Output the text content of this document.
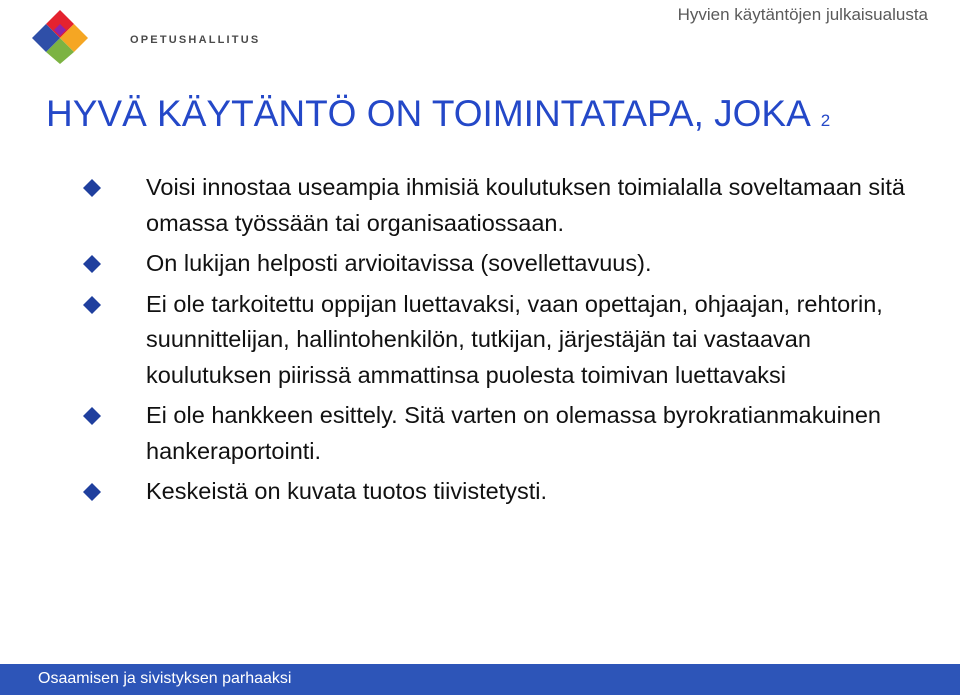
OPETUSHALLITUS
Hyvien käytäntöjen julkaisualusta
HYVÄ KÄYTÄNTÖ ON TOIMINTATAPA, JOKA 2
Voisi innostaa useampia ihmisiä koulutuksen toimialalla soveltamaan sitä omassa työssään tai organisaatiossaan.
On lukijan helposti arvioitavissa (sovellettavuus).
Ei ole tarkoitettu oppijan luettavaksi, vaan opettajan, ohjaajan, rehtorin, suunnittelijan, hallintohenkilön, tutkijan, järjestäjän tai vastaavan koulutuksen piirissä ammattinsa puolesta toimivan luettavaksi
Ei ole hankkeen esittely. Sitä varten on olemassa byrokratianmakuinen hankeraportointi.
Keskeistä on kuvata tuotos tiivistetysti.
Osaamisen ja sivistyksen parhaaksi
